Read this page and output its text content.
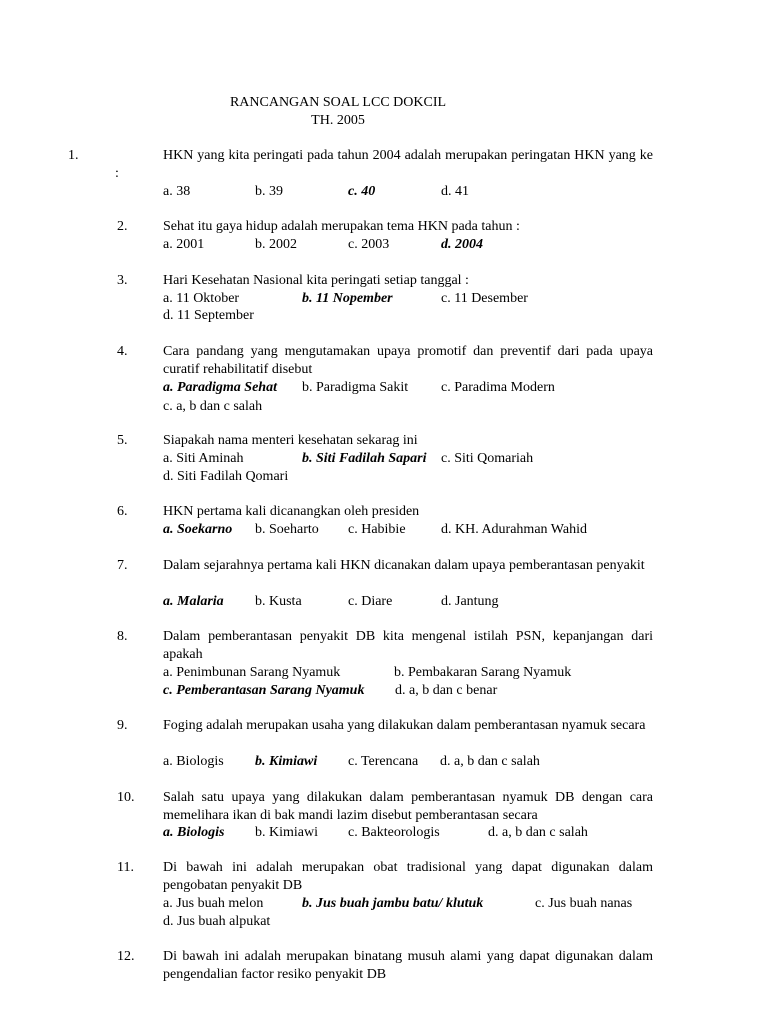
RANCANGAN SOAL LCC DOKCIL
TH. 2005
1.	HKN yang kita peringati pada tahun 2004 adalah merupakan peringatan HKN yang ke :
a. 38	b. 39	c. 40	d. 41
2.	Sehat itu gaya hidup adalah merupakan tema HKN pada tahun :
a. 2001	b. 2002	c. 2003	d. 2004
3.	Hari Kesehatan Nasional kita peringati setiap tanggal :
a. 11 Oktober	b. 11 Nopember	c. 11 Desember
d. 11 September
4.	Cara pandang yang mengutamakan upaya promotif dan preventif dari pada upaya curatif rehabilitatif disebut
a. Paradigma Sehat b. Paradigma Sakit c. Paradima Modern
c. a, b dan c salah
5.	Siapakah nama menteri kesehatan sekarag ini
a. Siti Aminah	b. Siti Fadilah Sapari c. Siti Qomariah
d. Siti Fadilah Qomari
6.	HKN pertama kali dicanangkan oleh presiden
a. Soekarno b. Soeharto c. Habibie	d. KH. Adurahman Wahid
7.	Dalam sejarahnya pertama kali HKN dicanakan dalam upaya pemberantasan penyakit
a. Malaria b. Kusta	c. Diare	d. Jantung
8.	Dalam pemberantasan penyakit DB kita mengenal istilah PSN, kepanjangan dari apakah
a. Penimbunan Sarang Nyamuk	b. Pembakaran Sarang Nyamuk
c. Pemberantasan Sarang Nyamuk d. a, b dan c benar
9.	Foging adalah merupakan usaha yang dilakukan dalam pemberantasan nyamuk secara
a. Biologis b. Kimiawi c. Terencana d. a, b dan c salah
10.	Salah satu upaya yang dilakukan dalam pemberantasan nyamuk DB dengan cara memelihara ikan di bak mandi lazim disebut pemberantasan secara
a. Biologis b. Kimiawi c. Bakteorologis	d. a, b dan c salah
11.	Di bawah ini adalah merupakan obat tradisional yang dapat digunakan dalam pengobatan penyakit DB
a. Jus buah melon	b. Jus buah jambu batu/ klutuk	c. Jus buah nanas
d. Jus buah alpukat
12.	Di bawah ini adalah merupakan binatang musuh alami yang dapat digunakan dalam pengendalian factor resiko penyakit DB
